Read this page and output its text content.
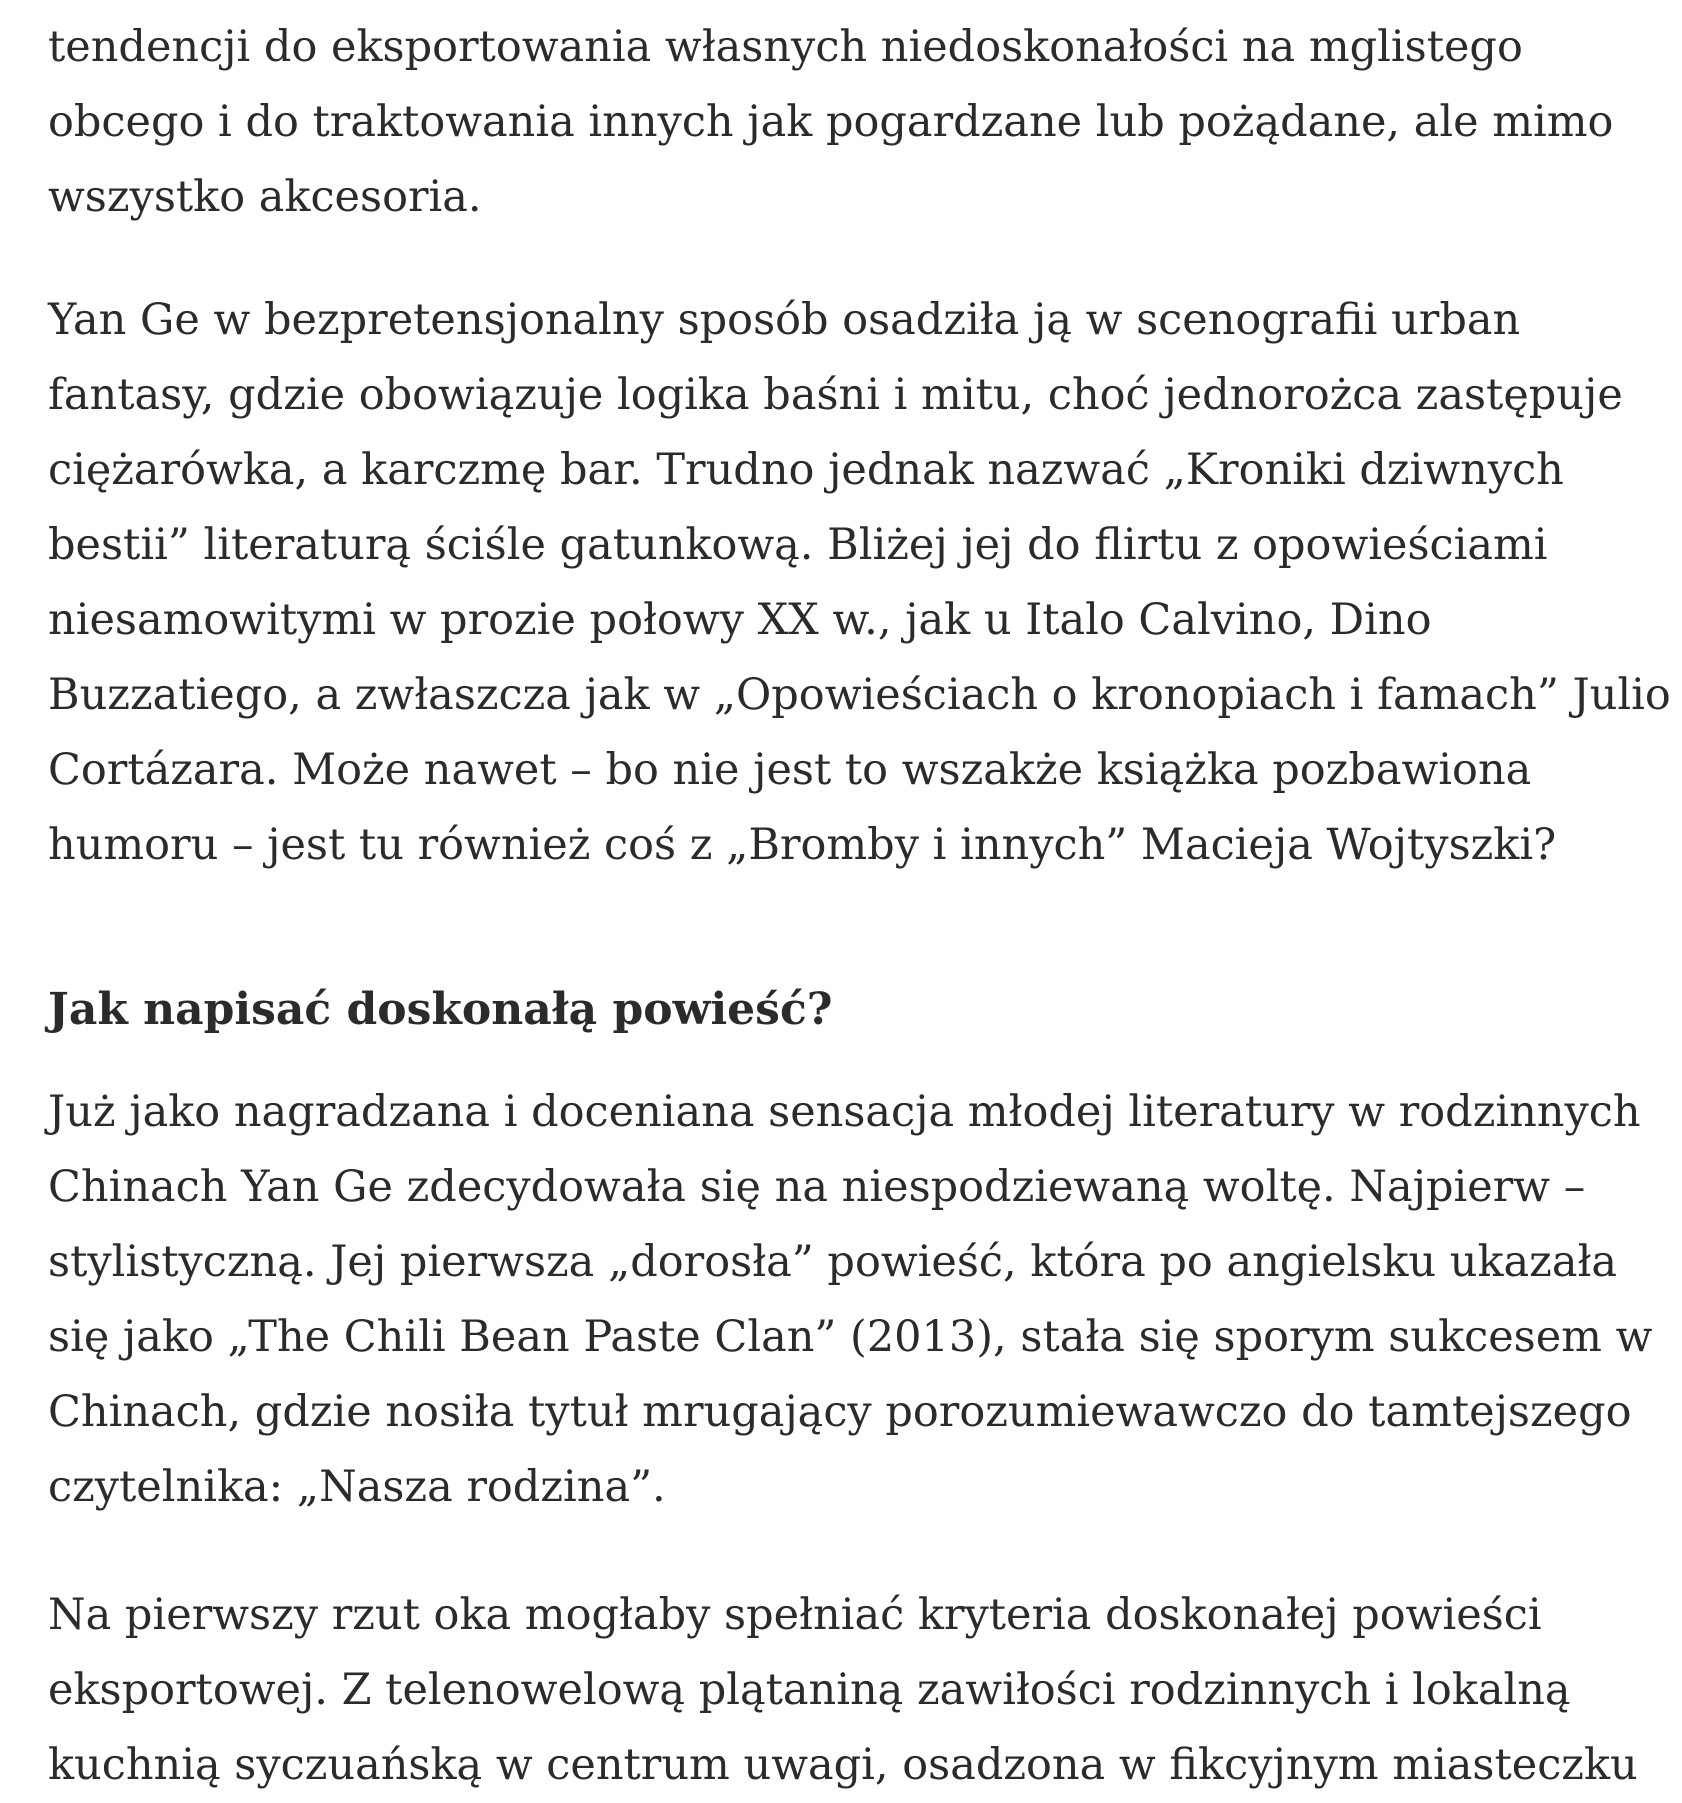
tendencji do eksportowania własnych niedoskonałości na mglistego
obcego i do traktowania innych jak pogardzane lub pożądane, ale mimo
wszystko akcesoria.

Yan Ge w bezpretensjonalny sposób osadziła ją w scenografii urban
fantasy, gdzie obowiązuje logika baśni i mitu, choć jednorożca zastępuje
ciężarówka, a karczmę bar. Trudno jednak nazwać „Kroniki dziwnych
bestii” literaturą ściśle gatunkową. Bliżej jej do flirtu z opowieściami
niesamowitymi w prozie połowy XX w., jak u Italo Calvino, Dino
Buzzatiego, a zwłaszcza jak w „Opowieściach o kronopiach i famach” Julio
Cortázara. Może nawet – bo nie jest to wszakże książka pozbawiona
humoru – jest tu również coś z „Bromby i innych” Macieja Wojtyszki?

Jak napisać doskonałą powieść?

Już jako nagradzana i doceniana sensacja młodej literatury w rodzinnych
Chinach Yan Ge zdecydowała się na niespodziewaną woltę. Najpierw –
stylistyczną. Jej pierwsza „dorosła” powieść, która po angielsku ukazała
się jako „The Chili Bean Paste Clan” (2013), stała się sporym sukcesem w
Chinach, gdzie nosiła tytuł mrugający porozumiewawczo do tamtejszego
czytelnika: „Nasza rodzina”.

Na pierwszy rzut oka mogłaby spełniać kryteria doskonałej powieści
eksportowej. Z telenowelową plątaniną zawiłości rodzinnych i lokalną
kuchnią syczuańską w centrum uwagi, osadzona w fikcyjnym miasteczku
